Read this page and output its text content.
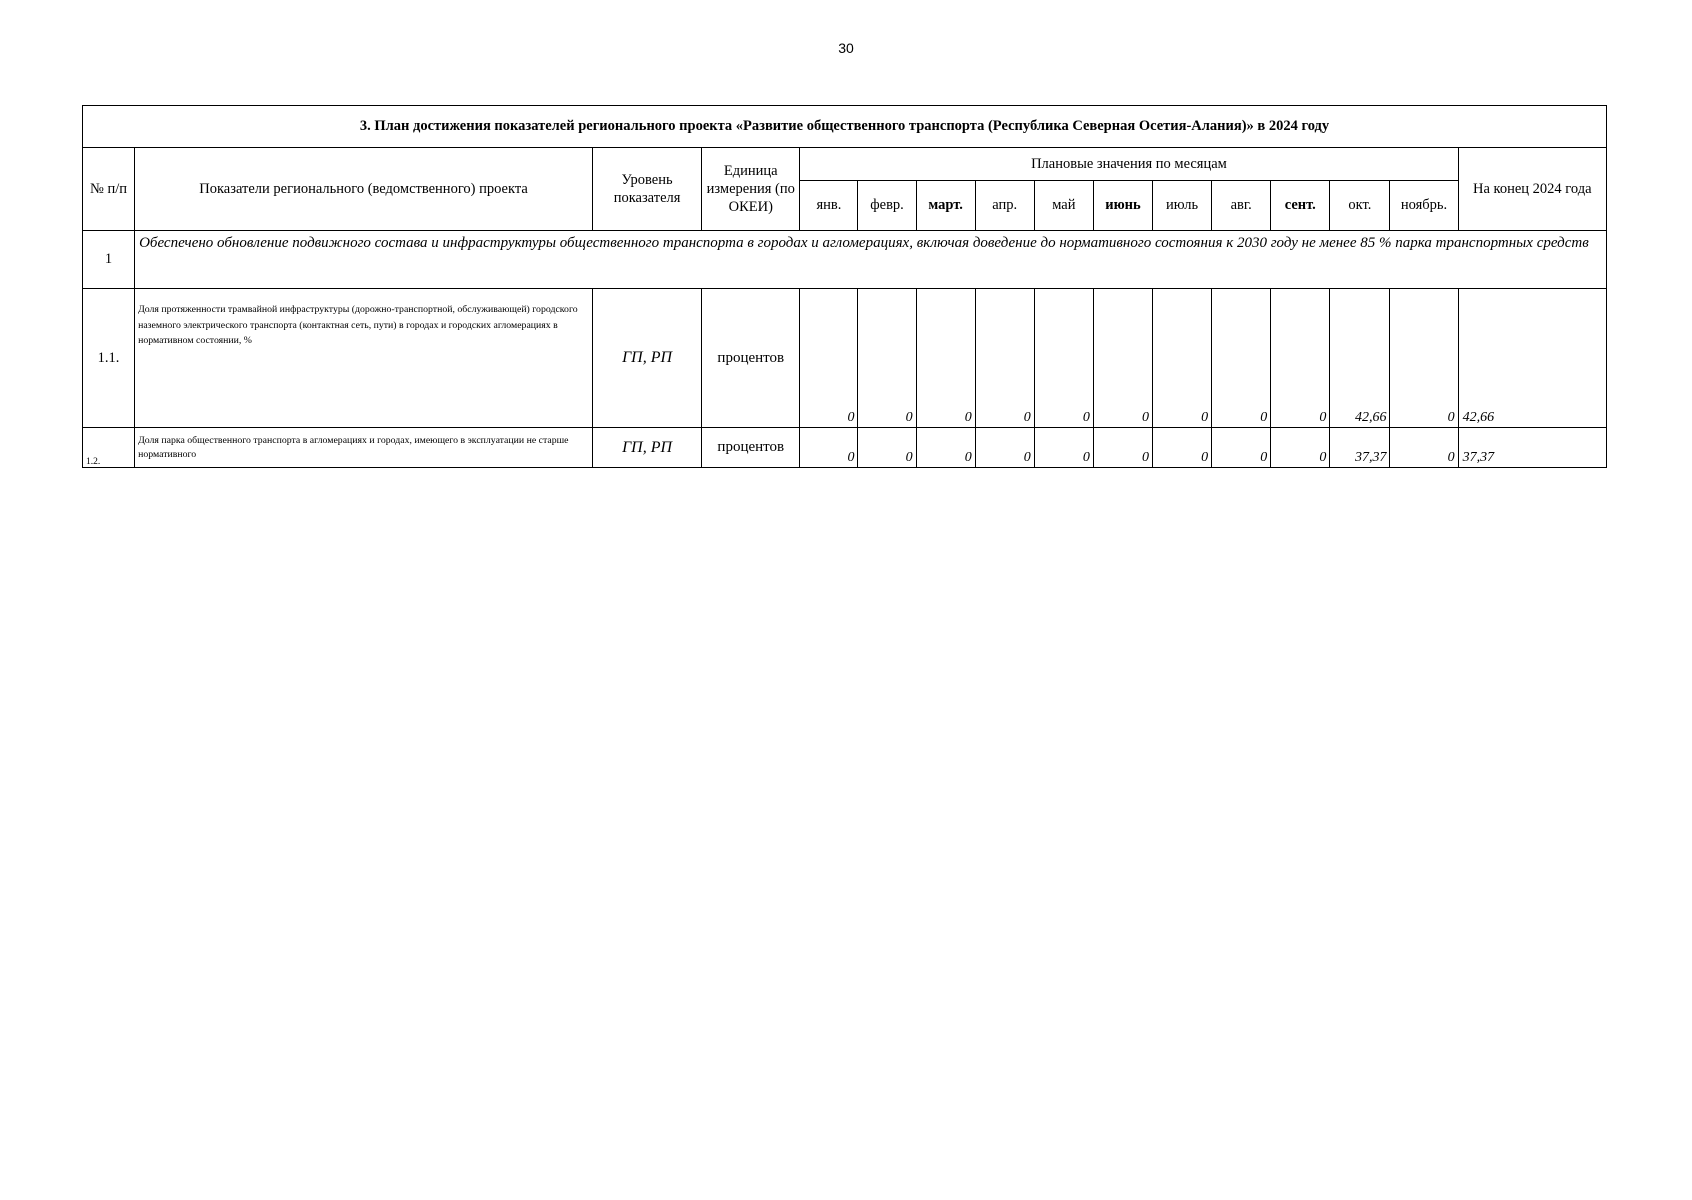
30
3. План достижения показателей регионального проекта «Развитие общественного транспорта (Республика Северная Осетия-Алания)» в 2024 году															
№ п/п	Показатели регионального (ведомственного) проекта	Уровень показателя	Единица измерения (по ОКЕИ)	Плановые значения по месяцам											На конец 2024 года
				янв.	февр.	март.	апр.	май	июнь	июль	авг.	сент.	окт.	ноябрь.	
1	Обеспечено обновление подвижного состава и инфраструктуры общественного транспорта в городах и агломерациях, включая доведение до нормативного состояния к 2030 году не менее 85 % парка транспортных средств														
1.1.	Доля протяженности трамвайной инфраструктуры (дорожно-транспортной, обслуживающей) городского наземного электрического транспорта (контактная сеть, пути) в городах и городских агломерациях в нормативном состоянии, %	ГП, РП	процентов	0	0	0	0	0	0	0	0	0	42,66	0	42,66
1.2.	Доля парка общественного транспорта в агломерациях и городах, имеющего в эксплуатации не старше нормативного	ГП, РП	процентов	0	0	0	0	0	0	0	0	0	37,37	0	37,37
